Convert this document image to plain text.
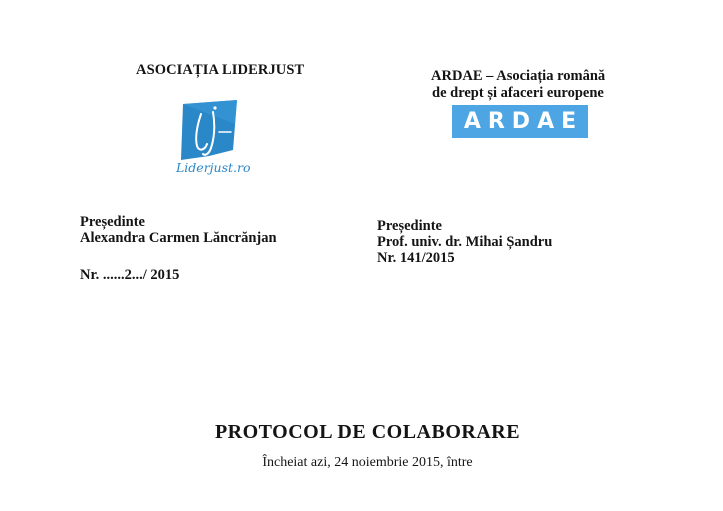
ASOCIAȚIA LIDERJUST
Liderjust.ro
ARDAE – Asociația română
de drept și afaceri europene
ARDAE
Președinte
Alexandra Carmen Lăncrănjan
Nr. ......2.../ 2015
Președinte
Prof. univ. dr. Mihai Șandru
Nr. 141/2015
PROTOCOL DE COLABORARE
Încheiat azi, 24 noiembrie 2015, între
